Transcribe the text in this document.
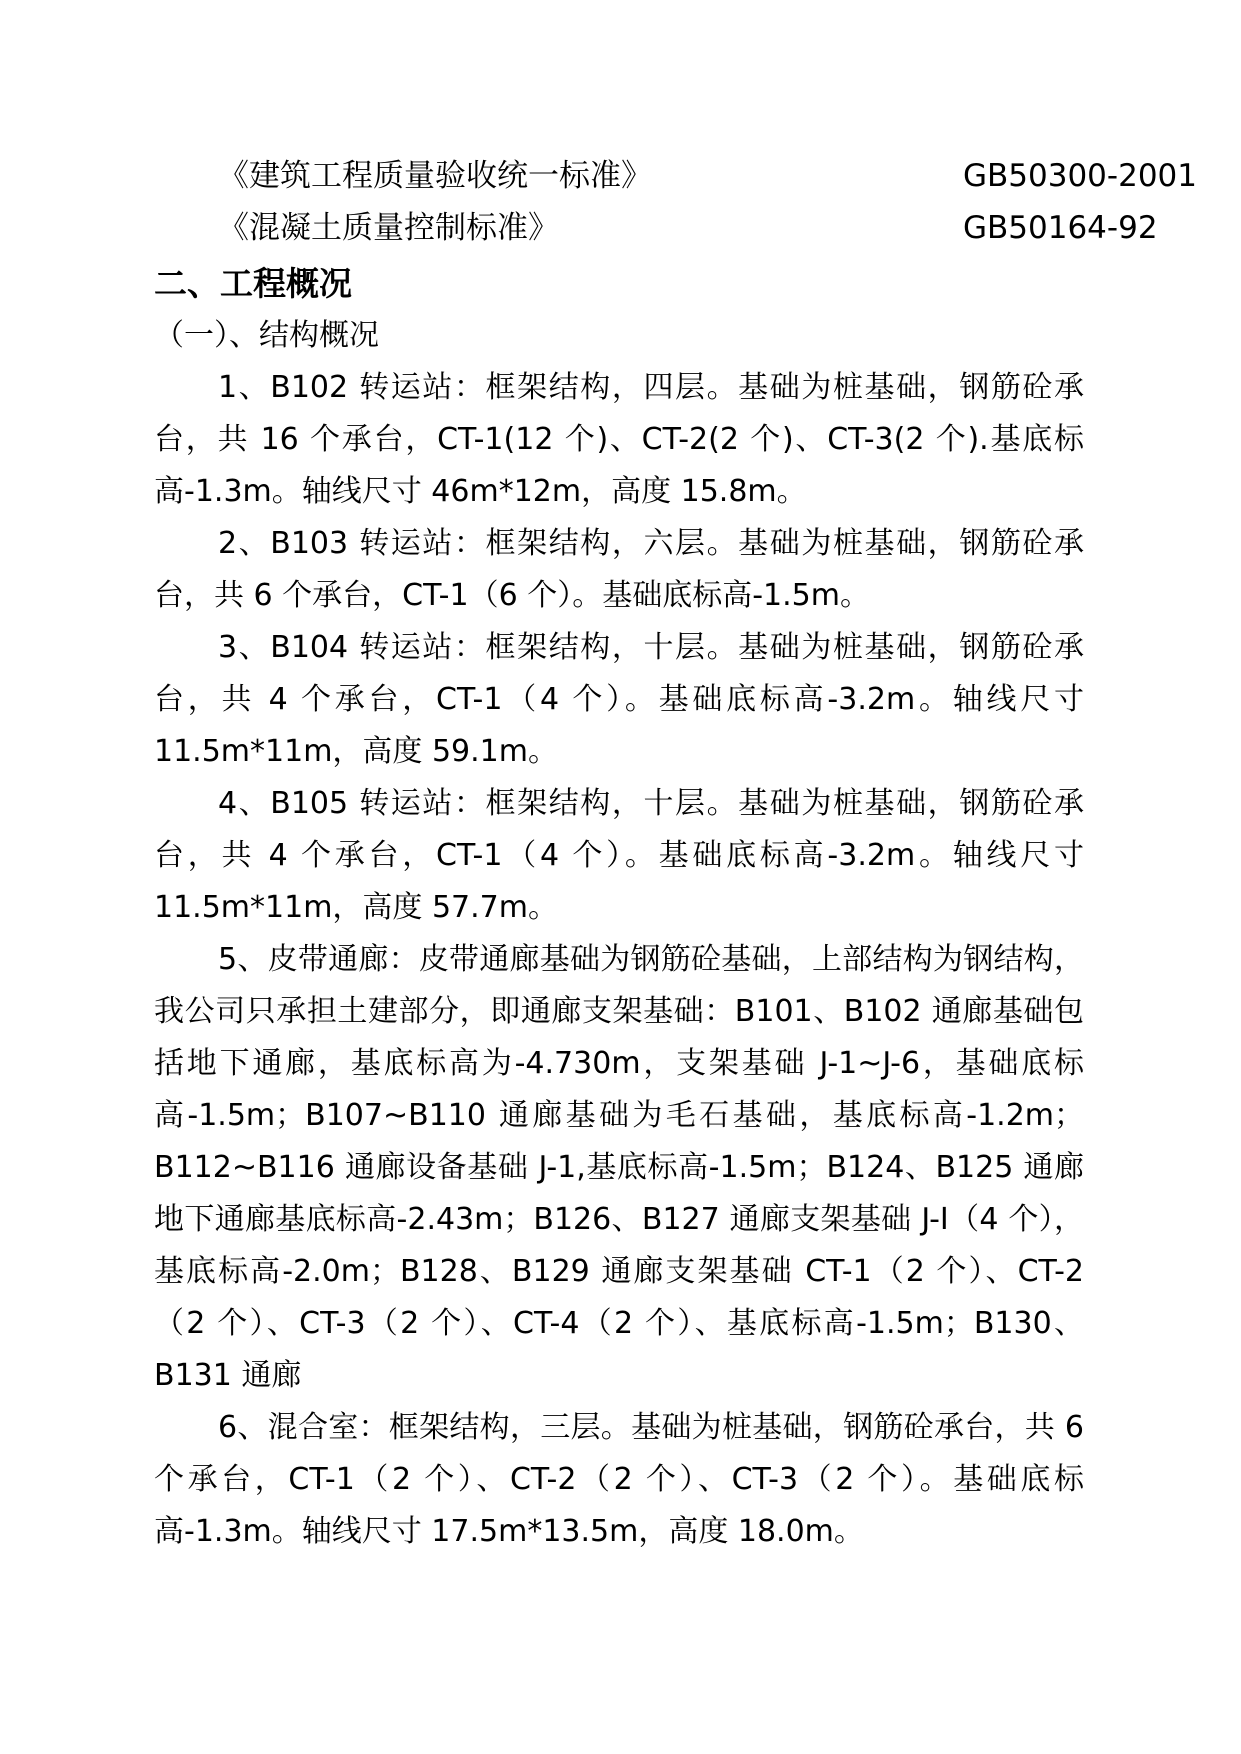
《建筑工程质量验收统一标准》	GB50300-2001
《混凝土质量控制标准》	GB50164-92
二、工程概况
（一）、结构概况

1、B102 转运站：框架结构，四层。基础为桩基础，钢筋砼承台，共 16 个承台，CT-1(12 个)、CT-2(2 个)、CT-3(2 个).基底标高-1.3m。轴线尺寸 46m*12m，高度 15.8m。

2、B103 转运站：框架结构，六层。基础为桩基础，钢筋砼承台，共 6 个承台，CT-1（6 个）。基础底标高-1.5m。

3、B104 转运站：框架结构，十层。基础为桩基础，钢筋砼承台，共 4 个承台，CT-1（4 个）。基础底标高-3.2m。轴线尺寸 11.5m*11m，高度 59.1m。

4、B105 转运站：框架结构，十层。基础为桩基础，钢筋砼承台，共 4 个承台，CT-1（4 个）。基础底标高-3.2m。轴线尺寸 11.5m*11m，高度 57.7m。

5、皮带通廊：皮带通廊基础为钢筋砼基础，上部结构为钢结构，我公司只承担土建部分，即通廊支架基础：B101、B102 通廊基础包括地下通廊，基底标高为-4.730m，支架基础 J-1~J-6，基础底标高-1.5m；B107~B110 通廊基础为毛石基础，基底标高-1.2m；B112~B116 通廊设备基础 J-1,基底标高-1.5m；B124、B125 通廊地下通廊基底标高-2.43m；B126、B127 通廊支架基础 J-I（4 个），基底标高-2.0m；B128、B129 通廊支架基础 CT-1（2 个）、CT-2（2 个）、CT-3（2 个）、CT-4（2 个）、基底标高-1.5m；B130、B131 通廊

6、混合室：框架结构，三层。基础为桩基础，钢筋砼承台，共 6 个承台，CT-1（2 个）、CT-2（2 个）、CT-3（2 个）。基础底标高-1.3m。轴线尺寸 17.5m*13.5m，高度 18.0m。
